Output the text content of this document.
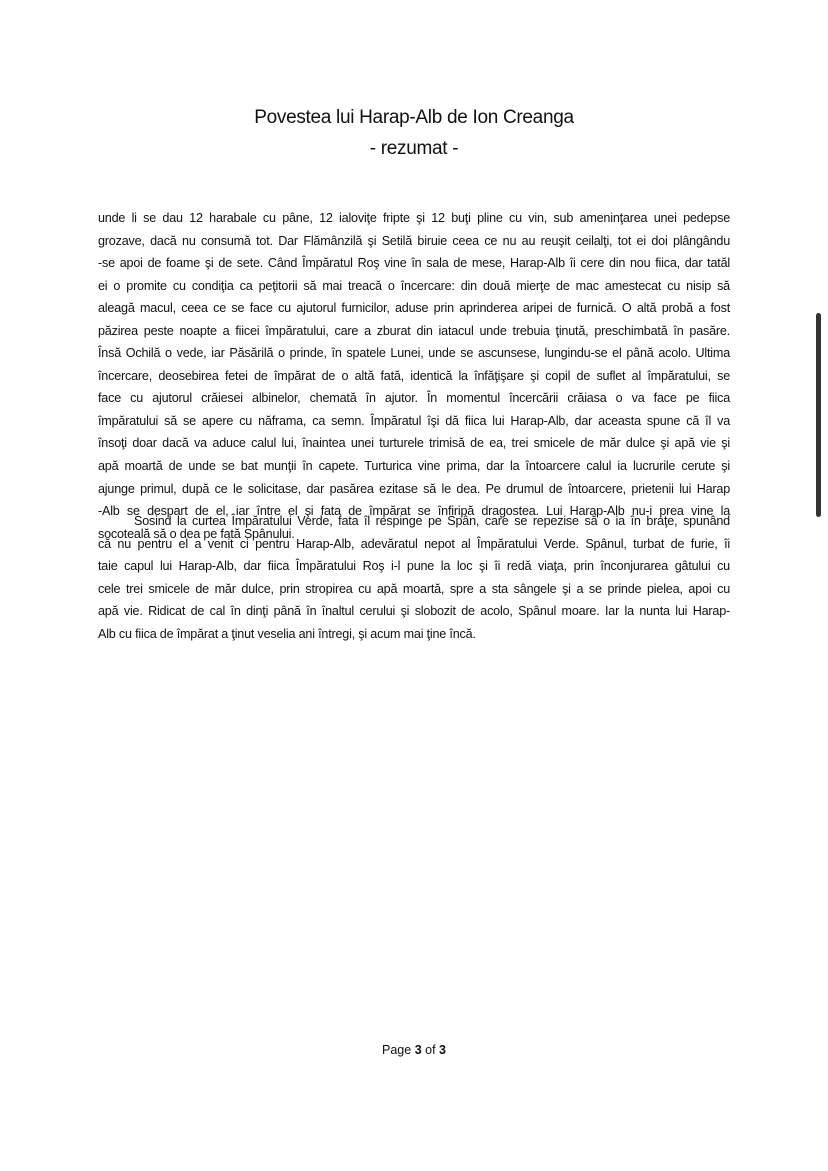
Povestea lui Harap-Alb de Ion Creanga
- rezumat -
unde li se dau 12 harabale cu pâne, 12 ialoviţe fripte şi 12 buţi pline cu vin, sub ameninţarea unei pedepse
grozave, dacă nu consumă tot. Dar Flămânzilă şi Setilă biruie ceea ce nu au reuşit ceilalţi, tot ei doi plângându
-se apoi de foame şi de sete. Când Împăratul Roş vine în sala de mese, Harap-Alb îi cere din nou fiica, dar tatăl
ei o promite cu condiţia ca peţitorii să mai treacă o încercare: din două mierţe de mac amestecat cu nisip să
aleagă macul, ceea ce se face cu ajutorul furnicilor, aduse prin aprinderea aripei de furnică. O altă probă a fost
păzirea peste noapte a fiicei împăratului, care a zburat din iatacul unde trebuia ţinută, preschimbată în pasăre.
Însă Ochilă o vede, iar Păsărilă o prinde, în spatele Lunei, unde se ascunsese, lungindu-se el până acolo. Ultima
încercare, deosebirea fetei de împărat de o altă fată, identică la înfăţişare şi copil de suflet al împăratului, se
face cu ajutorul crăiesei albinelor, chemată în ajutor. În momentul încercării crăiasa o va face pe fiica
împăratului să se apere cu năframa, ca semn. Împăratul îşi dă fiica lui Harap-Alb, dar aceasta spune că îl va
însoţi doar dacă va aduce calul lui, înaintea unei turturele trimisă de ea, trei smicele de măr dulce şi apă vie şi
apă moartă de unde se bat munţii în capete. Turturica vine prima, dar la întoarcere calul ia lucrurile cerute şi
ajunge primul, după ce le solicitase, dar pasărea ezitase să le dea. Pe drumul de întoarcere, prietenii lui Harap
-Alb se despart de el, iar între el şi fata de împărat se înfiripă dragostea. Lui Harap-Alb nu-i prea vine la
socoteală să o dea pe fată Spânului.
Sosind la curtea Împăratului Verde, fata îl respinge pe Spân, care se repezise să o ia în braţe, spunând
că nu pentru el a venit ci pentru Harap-Alb, adevăratul nepot al Împăratului Verde. Spânul, turbat de furie, îi
taie capul lui Harap-Alb, dar fiica Împăratului Roş i-l pune la loc şi îi redă viaţa, prin înconjurarea gâtului cu
cele trei smicele de măr dulce, prin stropirea cu apă moartă, spre a sta sângele şi a se prinde pielea, apoi cu
apă vie. Ridicat de cal în dinţi până în înaltul cerului şi slobozit de acolo, Spânul moare. Iar la nunta lui Harap-
Alb cu fiica de împărat a ţinut veselia ani întregi, şi acum mai ţine încă.
Page 3 of 3
